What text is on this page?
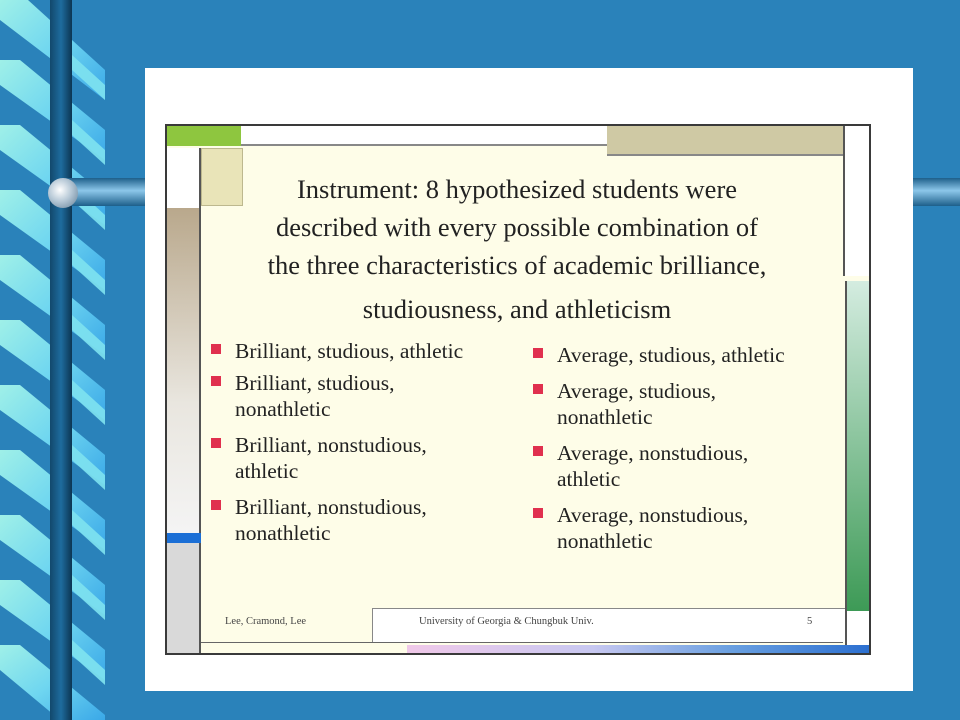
Instrument: 8 hypothesized students were
described with every possible combination of
the three characteristics of academic brilliance,
studiousness, and athleticism
Brilliant, studious, athletic
Brilliant, studious,
nonathletic
Brilliant, nonstudious,
athletic
Brilliant, nonstudious,
nonathletic
Average, studious, athletic
Average, studious,
nonathletic
Average, nonstudious,
athletic
Average, nonstudious,
nonathletic
Lee, Cramond, Lee	University of Georgia & Chungbuk Univ.	5
